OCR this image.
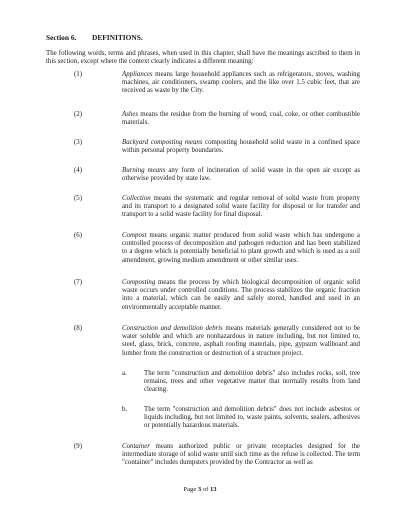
Section 6. DEFINITIONS.
The following words, terms and phrases, when used in this chapter, shall have the meanings ascribed to them in this section, except where the context clearly indicates a different meaning:
(1)	Appliances means large household appliances such as refrigerators, stoves, washing machines, air conditioners, swamp coolers, and the like over 1.5 cubic feet, that are received as waste by the City.
(2)	Ashes means the residue from the burning of wood, coal, coke, or other combustible materials.
(3)	Backyard composting means composting household solid waste in a confined space within personal property boundaries.
(4)	Burning means any form of incineration of solid waste in the open air except as otherwise provided by state law.
(5)	Collection means the systematic and regular removal of solid waste from property and its transport to a designated solid waste facility for disposal or for transfer and transport to a solid waste facility for final disposal.
(6)	Compost means organic matter produced from solid waste which has undergone a controlled process of decomposition and pathogen reduction and has been stabilized to a degree which is potentially beneficial to plant growth and which is used as a soil amendment, growing medium amendment or other similar uses.
(7)	Composting means the process by which biological decomposition of organic solid waste occurs under controlled conditions. The process stabilizes the organic fraction into a material, which can be easily and safely stored, handled and used in an environmentally acceptable manner.
(8)	Construction and demolition debris means materials generally considered not to be water soluble and which are nonhazardous in nature including, but not limited to, steel, glass, brick, concrete, asphalt roofing materials, pipe, gypsum wallboard and lumber from the construction or destruction of a structure project.
a. The term "construction and demolition debris" also includes rocks, soil, tree remains, trees and other vegetative matter that normally results from land clearing.
b. The term "construction and demolition debris" does not include asbestos or liquids including, but not limited to, waste paints, solvents, sealers, adhesives or potentially hazardous materials.
(9)	Container means authorized public or private receptacles designed for the intermediate storage of solid waste until such time as the refuse is collected. The term "container" includes dumpsters provided by the Contractor as well as
Page 3 of 13
